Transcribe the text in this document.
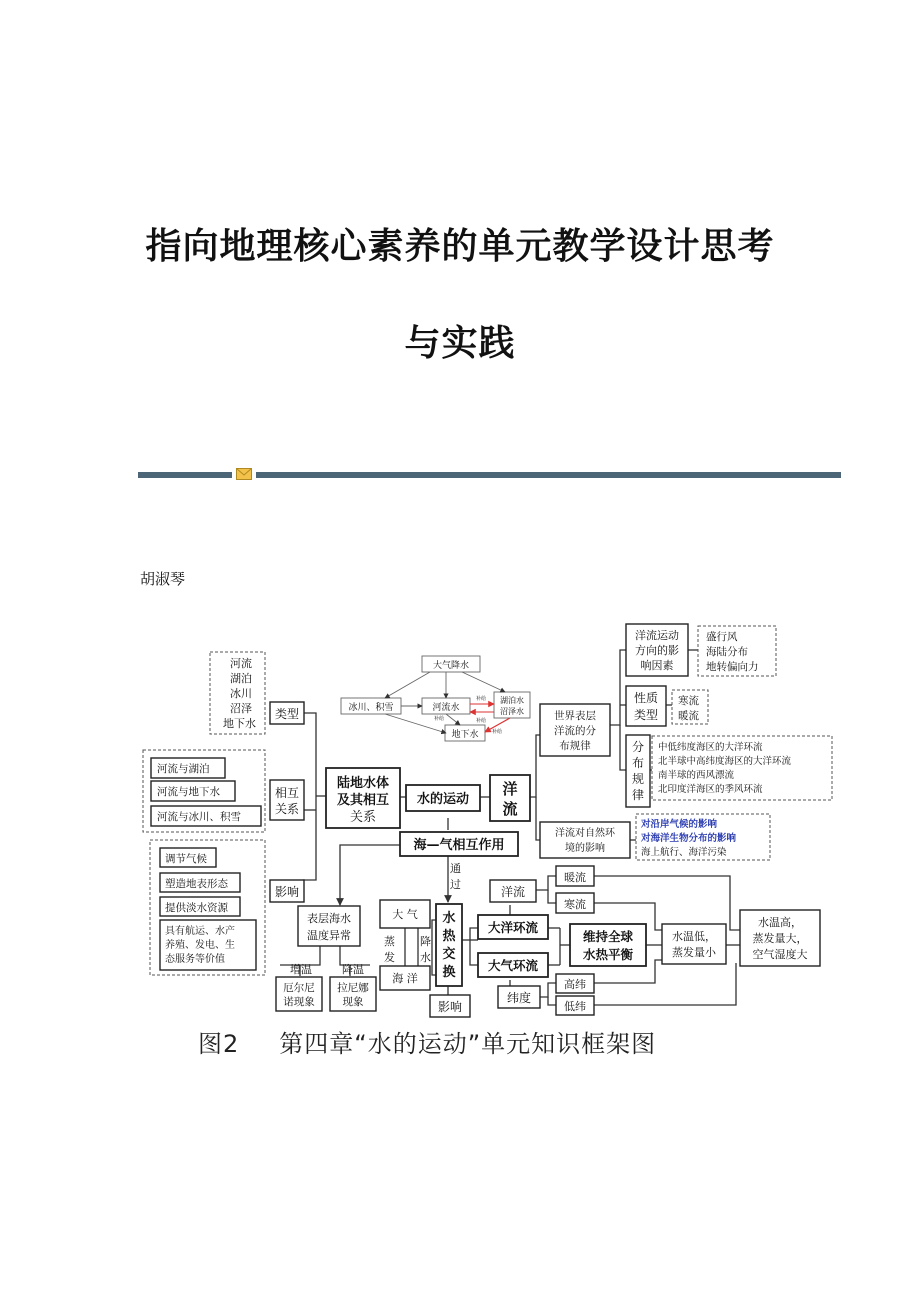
指向地理核心素养的单元教学设计思考
与实践
胡淑琴
大气降水
冰川、积雪	河流水
湖泊水
沼泽水
地下水
补给
补给
补给
补给
河流
湖泊
冰川
沼泽
地下水
类型
河流与湖泊
河流与地下水
河流与冰川、积雪
相互
关系
调节气候
塑造地表形态
提供淡水资源
具有航运、水产
养殖、发电、生
态服务等价值
影响
陆地水体
及其相互
关系
水的运动
洋
流
海—气相互作用
通
过
世界表层
洋流的分
布规律
洋流运动
方向的影
响因素
盛行风
海陆分布
地转偏向力
性质
类型
寒流
暖流
分
布
规
律
中低纬度海区的大洋环流
北半球中高纬度海区的大洋环流
南半球的西风漂流
北印度洋海区的季风环流
洋流对自然环
境的影响
对沿岸气候的影响
对海洋生物分布的影响
海上航行、海洋污染
表层海水
温度异常
增温	降温
厄尔尼
诺现象
拉尼娜
现象
大 气
蒸
发
降
水
海 洋
水
热
交
换
影响
洋流
暖流
寒流
大洋环流
大气环流
维持全球
水热平衡
纬度
高纬
低纬
水温低，
蒸发量小
水温高，
蒸发量大，
空气湿度大
图2 第四章“水的运动”单元知识框架图
